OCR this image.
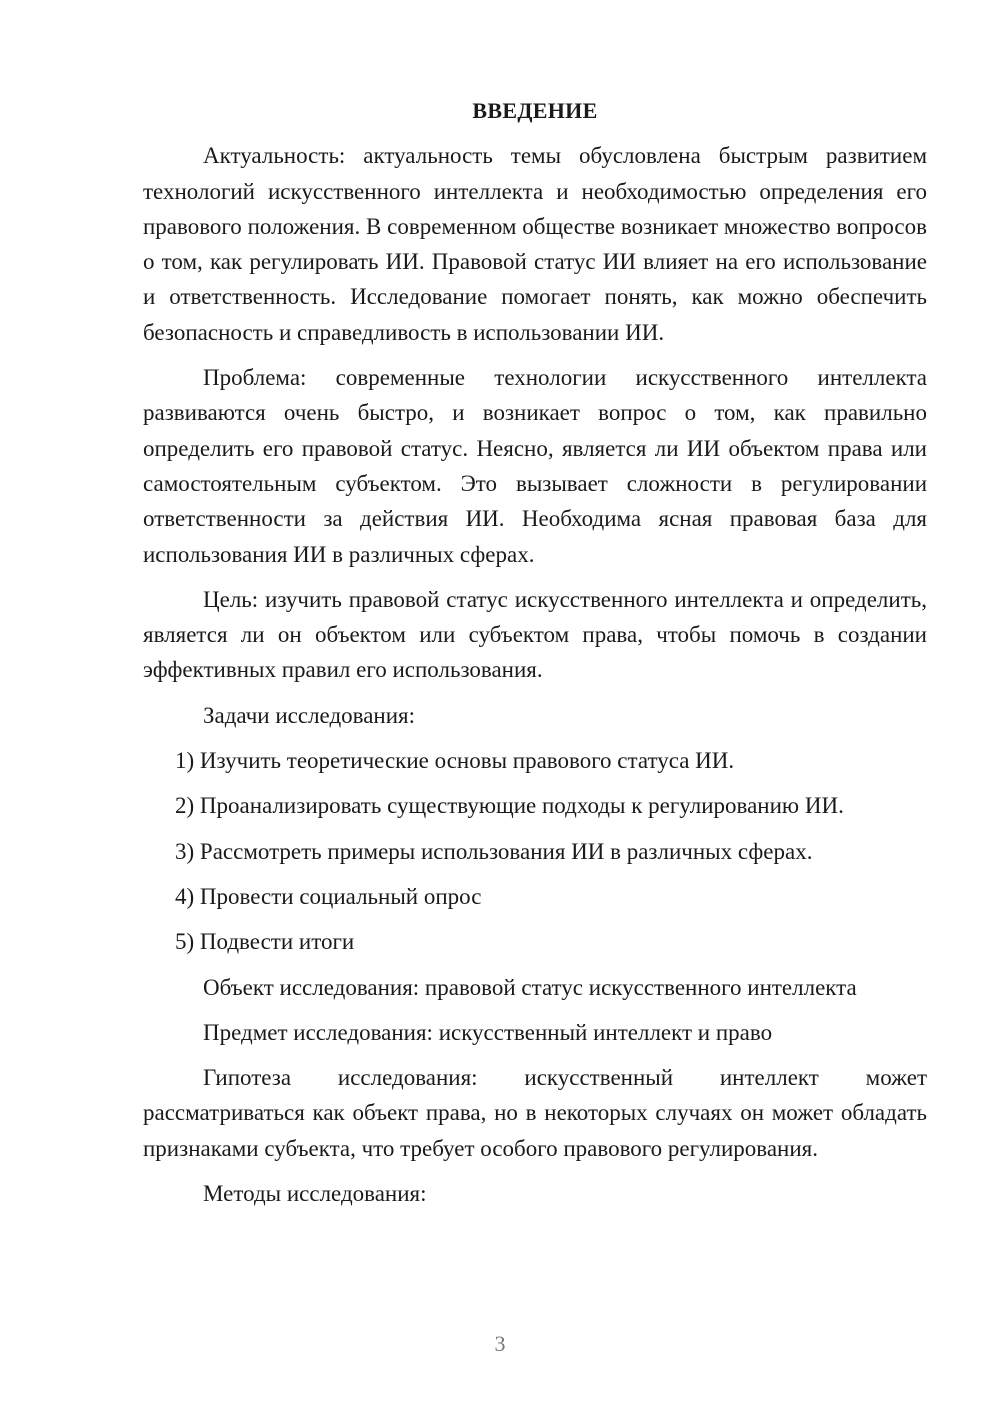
ВВЕДЕНИЕ

Актуальность: актуальность темы обусловлена быстрым развитием технологий искусственного интеллекта и необходимостью определения его правового положения. В современном обществе возникает множество вопросов о том, как регулировать ИИ. Правовой статус ИИ влияет на его использование и ответственность. Исследование помогает понять, как можно обеспечить безопасность и справедливость в использовании ИИ.

Проблема: современные технологии искусственного интеллекта развиваются очень быстро, и возникает вопрос о том, как правильно определить его правовой статус. Неясно, является ли ИИ объектом права или самостоятельным субъектом. Это вызывает сложности в регулировании ответственности за действия ИИ. Необходима ясная правовая база для использования ИИ в различных сферах.

Цель: изучить правовой статус искусственного интеллекта и определить, является ли он объектом или субъектом права, чтобы помочь в создании эффективных правил его использования.

Задачи исследования:

1) Изучить теоретические основы правового статуса ИИ.
2) Проанализировать существующие подходы к регулированию ИИ.
3) Рассмотреть примеры использования ИИ в различных сферах.
4) Провести социальный опрос
5) Подвести итоги

Объект исследования: правовой статус искусственного интеллекта

Предмет исследования: искусственный интеллект и право

Гипотеза исследования: искусственный интеллект может рассматриваться как объект права, но в некоторых случаях он может обладать признаками субъекта, что требует особого правового регулирования.

Методы исследования:

3
